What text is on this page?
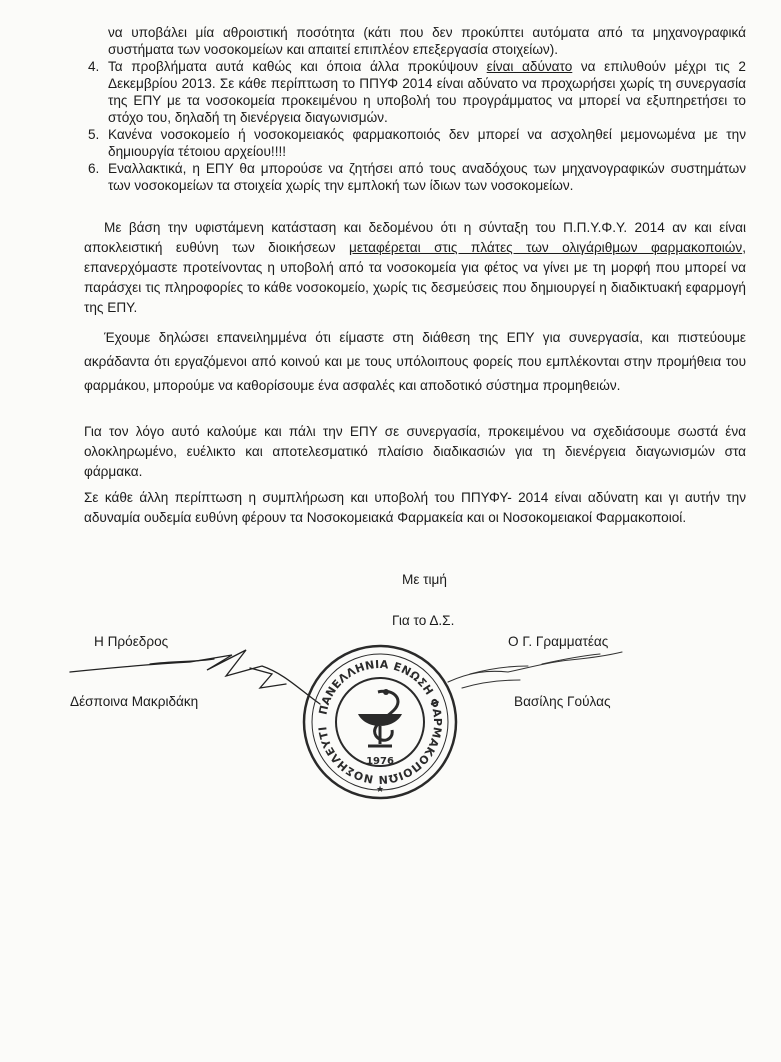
να υποβάλει μία αθροιστική ποσότητα (κάτι που δεν προκύπτει αυτόματα από τα μηχανογραφικά συστήματα των νοσοκομείων και απαιτεί επιπλέον επεξεργασία στοιχείων).
4. Τα προβλήματα αυτά καθώς και όποια άλλα προκύψουν είναι αδύνατο να επιλυθούν μέχρι τις 2 Δεκεμβρίου 2013. Σε κάθε περίπτωση το ΠΠΥΦ 2014 είναι αδύνατο να προχωρήσει χωρίς τη συνεργασία της ΕΠΥ με τα νοσοκομεία προκειμένου η υποβολή του προγράμματος να μπορεί να εξυπηρετήσει το στόχο του, δηλαδή τη διενέργεια διαγωνισμών.
5. Κανένα νοσοκομείο ή νοσοκομειακός φαρμακοποιός δεν μπορεί να ασχοληθεί μεμονωμένα με την δημιουργία τέτοιου αρχείου!!!!
6. Εναλλακτικά, η ΕΠΥ θα μπορούσε να ζητήσει από τους αναδόχους των μηχανογραφικών συστημάτων των νοσοκομείων τα στοιχεία χωρίς την εμπλοκή των ίδιων των νοσοκομείων.
Με βάση την υφιστάμενη κατάσταση και δεδομένου ότι η σύνταξη του Π.Π.Υ.Φ.Υ. 2014 αν και είναι αποκλειστική ευθύνη των διοικήσεων μεταφέρεται στις πλάτες των ολιγάριθμων φαρμακοποιών, επανερχόμαστε προτείνοντας η υποβολή από τα νοσοκομεία για φέτος να γίνει με τη μορφή που μπορεί να παράσχει τις πληροφορίες το κάθε νοσοκομείο, χωρίς τις δεσμεύσεις που δημιουργεί η διαδικτυακή εφαρμογή της ΕΠΥ.
Έχουμε δηλώσει επανειλημμένα ότι είμαστε στη διάθεση της ΕΠΥ για συνεργασία, και πιστεύουμε ακράδαντα ότι εργαζόμενοι από κοινού και με τους υπόλοιπους φορείς που εμπλέκονται στην προμήθεια του φαρμάκου, μπορούμε να καθορίσουμε ένα ασφαλές και αποδοτικό σύστημα προμηθειών.
Για τον λόγο αυτό καλούμε και πάλι την ΕΠΥ σε συνεργασία, προκειμένου να σχεδιάσουμε σωστά ένα ολοκληρωμένο, ευέλικτο και αποτελεσματικό πλαίσιο διαδικασιών για τη διενέργεια διαγωνισμών στα φάρμακα.
Σε κάθε άλλη περίπτωση η συμπλήρωση και υποβολή του ΠΠΥΦΥ- 2014 είναι αδύνατη και γι αυτήν την αδυναμία ουδεμία ευθύνη φέρουν τα Νοσοκομειακά Φαρμακεία και οι Νοσοκομειακοί Φαρμακοποιοί.
Με τιμή
Για το Δ.Σ.
Η Πρόεδρος
Δέσποινα Μακριδάκη
Ο Γ. Γραμματέας
Βασίλης Γούλας
ΠΑΝΕΛΛΗΝΙΑ ΕΝΩΣΗ ΦΑΡΜΑΚΟΠΟΙΩΝ ΝΟΣΗΛΕΥΤΙ
1976
★
